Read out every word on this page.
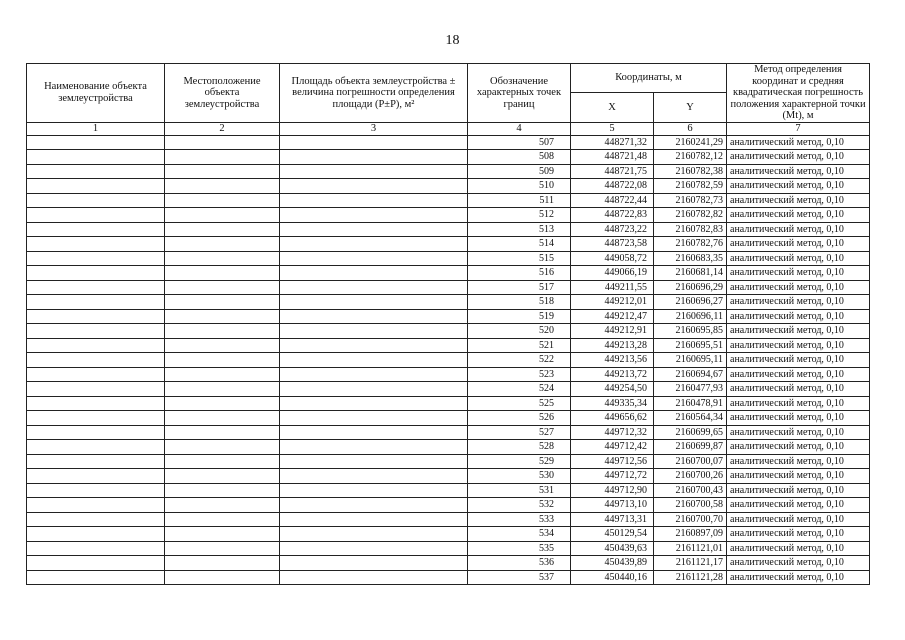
18
Наименование объекта землеустройства	Местоположение объекта землеустройства	Площадь объекта землеустройства ± величина погрешности определения площади (P±P), м²	Обозначение характерных точек границ	Координаты, м		Метод определения координат и средняя квадратическая погрешность положения характерной точки (Mt), м
				X	Y	
1	2	3	4	5	6	7
			507	448271,32	2160241,29	аналитический метод, 0,10
			508	448721,48	2160782,12	аналитический метод, 0,10
			509	448721,75	2160782,38	аналитический метод, 0,10
			510	448722,08	2160782,59	аналитический метод, 0,10
			511	448722,44	2160782,73	аналитический метод, 0,10
			512	448722,83	2160782,82	аналитический метод, 0,10
			513	448723,22	2160782,83	аналитический метод, 0,10
			514	448723,58	2160782,76	аналитический метод, 0,10
			515	449058,72	2160683,35	аналитический метод, 0,10
			516	449066,19	2160681,14	аналитический метод, 0,10
			517	449211,55	2160696,29	аналитический метод, 0,10
			518	449212,01	2160696,27	аналитический метод, 0,10
			519	449212,47	2160696,11	аналитический метод, 0,10
			520	449212,91	2160695,85	аналитический метод, 0,10
			521	449213,28	2160695,51	аналитический метод, 0,10
			522	449213,56	2160695,11	аналитический метод, 0,10
			523	449213,72	2160694,67	аналитический метод, 0,10
			524	449254,50	2160477,93	аналитический метод, 0,10
			525	449335,34	2160478,91	аналитический метод, 0,10
			526	449656,62	2160564,34	аналитический метод, 0,10
			527	449712,32	2160699,65	аналитический метод, 0,10
			528	449712,42	2160699,87	аналитический метод, 0,10
			529	449712,56	2160700,07	аналитический метод, 0,10
			530	449712,72	2160700,26	аналитический метод, 0,10
			531	449712,90	2160700,43	аналитический метод, 0,10
			532	449713,10	2160700,58	аналитический метод, 0,10
			533	449713,31	2160700,70	аналитический метод, 0,10
			534	450129,54	2160897,09	аналитический метод, 0,10
			535	450439,63	2161121,01	аналитический метод, 0,10
			536	450439,89	2161121,17	аналитический метод, 0,10
			537	450440,16	2161121,28	аналитический метод, 0,10
